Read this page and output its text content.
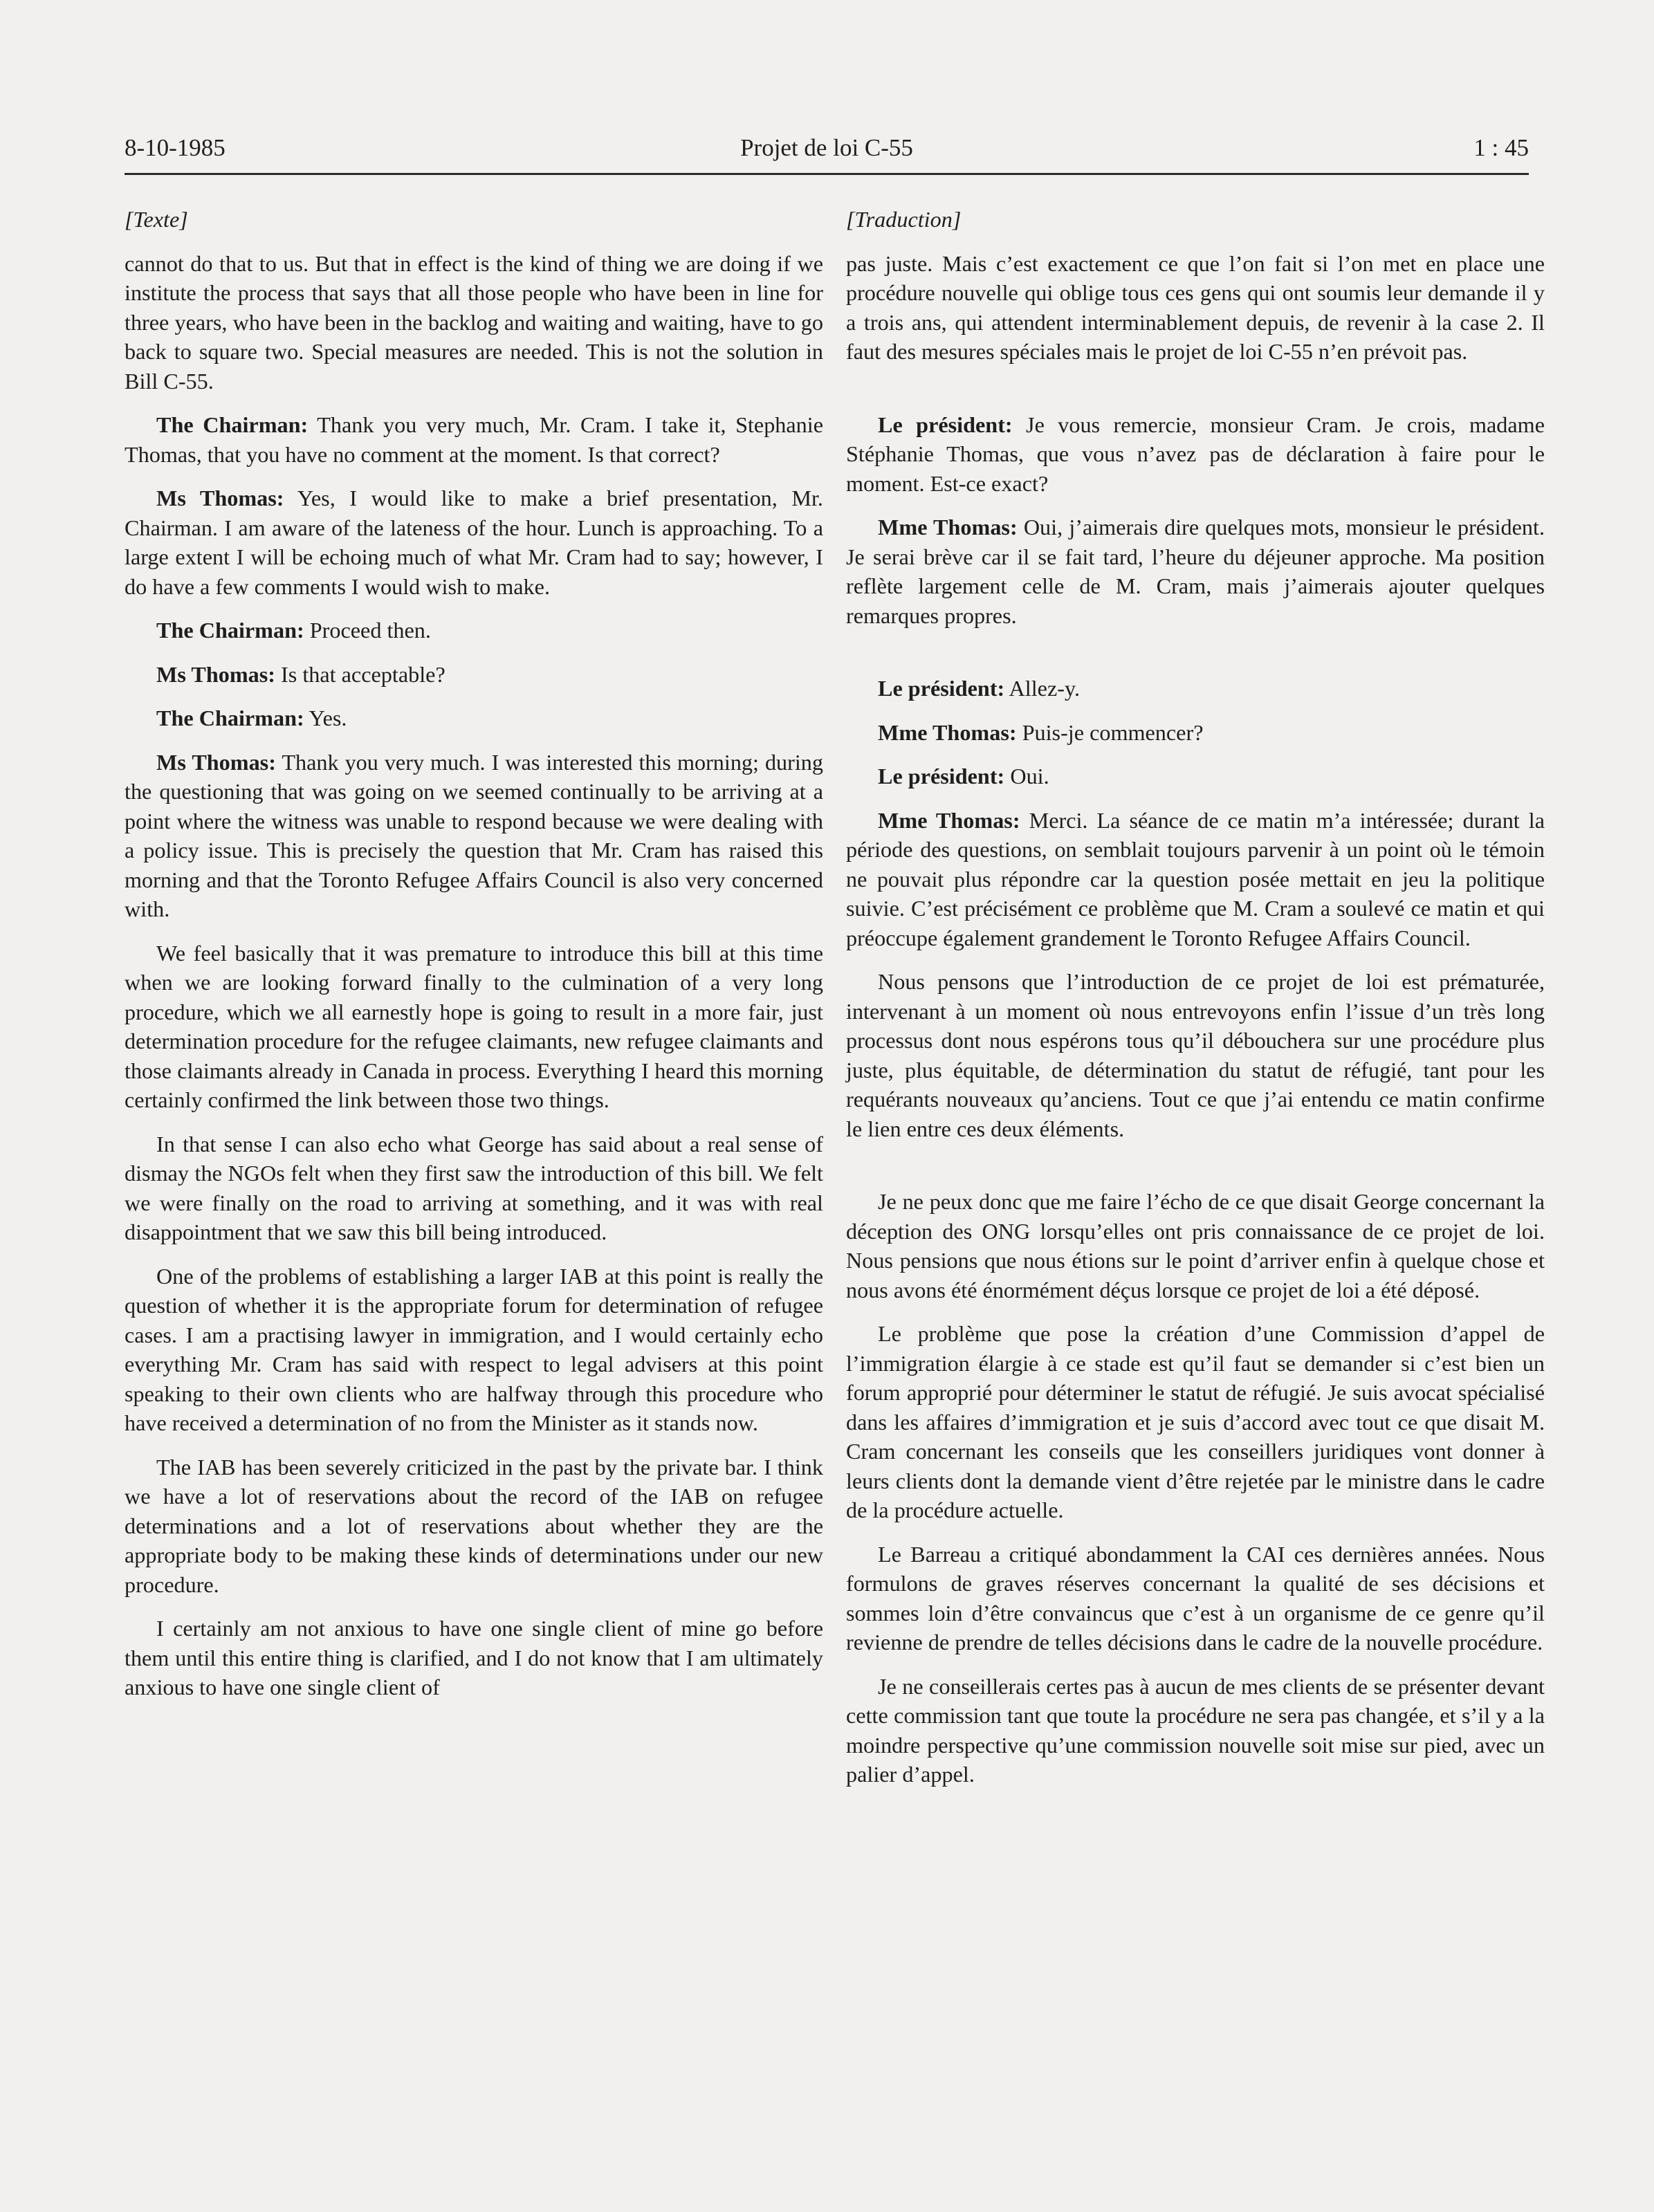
8-10-1985	Projet de loi C-55	1 : 45

[Texte]

cannot do that to us. But that in effect is the kind of thing we are doing if we institute the process that says that all those people who have been in line for three years, who have been in the backlog and waiting and waiting, have to go back to square two. Special measures are needed. This is not the solution in Bill C-55.

The Chairman: Thank you very much, Mr. Cram. I take it, Stephanie Thomas, that you have no comment at the moment. Is that correct?

Ms Thomas: Yes, I would like to make a brief presentation, Mr. Chairman. I am aware of the lateness of the hour. Lunch is approaching. To a large extent I will be echoing much of what Mr. Cram had to say; however, I do have a few comments I would wish to make.

The Chairman: Proceed then.

Ms Thomas: Is that acceptable?

The Chairman: Yes.

Ms Thomas: Thank you very much. I was interested this morning; during the questioning that was going on we seemed continually to be arriving at a point where the witness was unable to respond because we were dealing with a policy issue. This is precisely the question that Mr. Cram has raised this morning and that the Toronto Refugee Affairs Council is also very concerned with.

We feel basically that it was premature to introduce this bill at this time when we are looking forward finally to the culmination of a very long procedure, which we all earnestly hope is going to result in a more fair, just determination procedure for the refugee claimants, new refugee claimants and those claimants already in Canada in process. Everything I heard this morning certainly confirmed the link between those two things.

In that sense I can also echo what George has said about a real sense of dismay the NGOs felt when they first saw the introduction of this bill. We felt we were finally on the road to arriving at something, and it was with real disappointment that we saw this bill being introduced.

One of the problems of establishing a larger IAB at this point is really the question of whether it is the appropriate forum for determination of refugee cases. I am a practising lawyer in immigration, and I would certainly echo everything Mr. Cram has said with respect to legal advisers at this point speaking to their own clients who are halfway through this procedure who have received a determination of no from the Minister as it stands now.

The IAB has been severely criticized in the past by the private bar. I think we have a lot of reservations about the record of the IAB on refugee determinations and a lot of reservations about whether they are the appropriate body to be making these kinds of determinations under our new procedure.

I certainly am not anxious to have one single client of mine go before them until this entire thing is clarified, and I do not know that I am ultimately anxious to have one single client of

[Traduction]

pas juste. Mais c’est exactement ce que l’on fait si l’on met en place une procédure nouvelle qui oblige tous ces gens qui ont soumis leur demande il y a trois ans, qui attendent interminablement depuis, de revenir à la case 2. Il faut des mesures spéciales mais le projet de loi C-55 n’en prévoit pas.

Le président: Je vous remercie, monsieur Cram. Je crois, madame Stéphanie Thomas, que vous n’avez pas de déclaration à faire pour le moment. Est-ce exact?

Mme Thomas: Oui, j’aimerais dire quelques mots, monsieur le président. Je serai brève car il se fait tard, l’heure du déjeuner approche. Ma position reflète largement celle de M. Cram, mais j’aimerais ajouter quelques remarques propres.

Le président: Allez-y.

Mme Thomas: Puis-je commencer?

Le président: Oui.

Mme Thomas: Merci. La séance de ce matin m’a intéressée; durant la période des questions, on semblait toujours parvenir à un point où le témoin ne pouvait plus répondre car la question posée mettait en jeu la politique suivie. C’est précisément ce problème que M. Cram a soulevé ce matin et qui préoccupe également grandement le Toronto Refugee Affairs Council.

Nous pensons que l’introduction de ce projet de loi est prématurée, intervenant à un moment où nous entrevoyons enfin l’issue d’un très long processus dont nous espérons tous qu’il débouchera sur une procédure plus juste, plus équitable, de détermination du statut de réfugié, tant pour les requérants nouveaux qu’anciens. Tout ce que j’ai entendu ce matin confirme le lien entre ces deux éléments.

Je ne peux donc que me faire l’écho de ce que disait George concernant la déception des ONG lorsqu’elles ont pris connaissance de ce projet de loi. Nous pensions que nous étions sur le point d’arriver enfin à quelque chose et nous avons été énormément déçus lorsque ce projet de loi a été déposé.

Le problème que pose la création d’une Commission d’appel de l’immigration élargie à ce stade est qu’il faut se demander si c’est bien un forum approprié pour déterminer le statut de réfugié. Je suis avocat spécialisé dans les affaires d’immigration et je suis d’accord avec tout ce que disait M. Cram concernant les conseils que les conseillers juridiques vont donner à leurs clients dont la demande vient d’être rejetée par le ministre dans le cadre de la procédure actuelle.

Le Barreau a critiqué abondamment la CAI ces dernières années. Nous formulons de graves réserves concernant la qualité de ses décisions et sommes loin d’être convaincus que c’est à un organisme de ce genre qu’il revienne de prendre de telles décisions dans le cadre de la nouvelle procédure.

Je ne conseillerais certes pas à aucun de mes clients de se présenter devant cette commission tant que toute la procédure ne sera pas changée, et s’il y a la moindre perspective qu’une commission nouvelle soit mise sur pied, avec un palier d’appel.
